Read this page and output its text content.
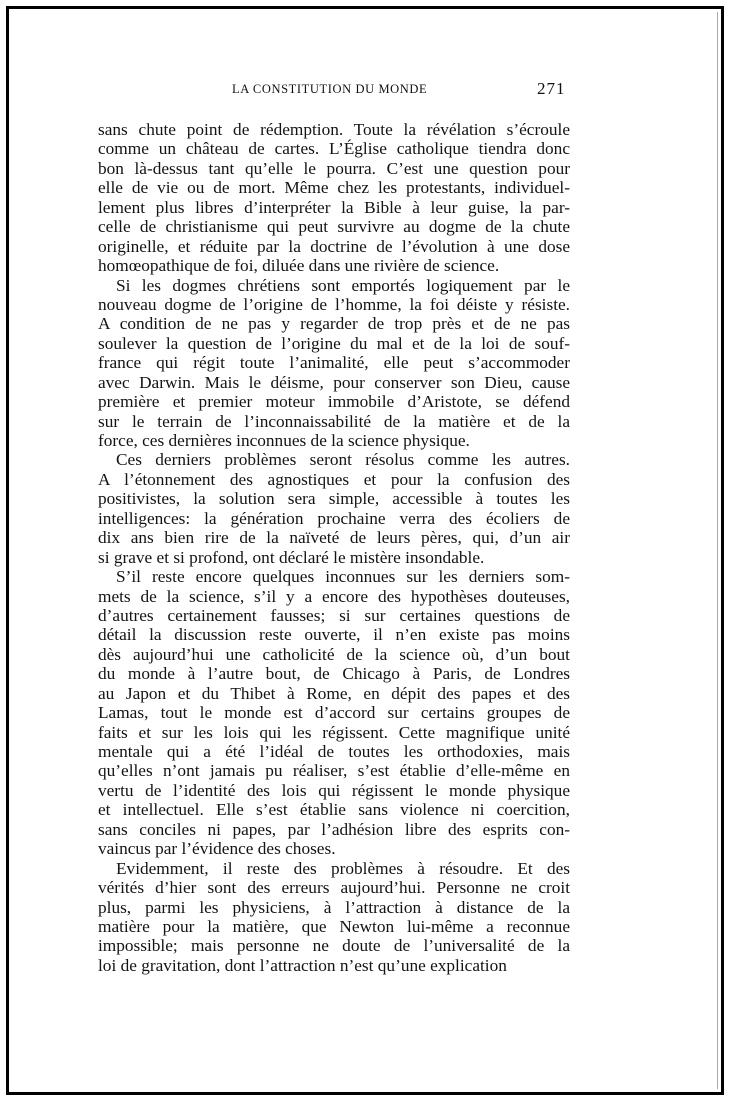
LA CONSTITUTION DU MONDE	271
sans chute point de rédemption. Toute la révélation s’écroule
comme un château de cartes. L’Église catholique tiendra donc
bon là-dessus tant qu’elle le pourra. C’est une question pour
elle de vie ou de mort. Même chez les protestants, individuel-
lement plus libres d’interpréter la Bible à leur guise, la par-
celle de christianisme qui peut survivre au dogme de la chute
originelle, et réduite par la doctrine de l’évolution à une dose
homœopathique de foi, diluée dans une rivière de science.
Si les dogmes chrétiens sont emportés logiquement par le
nouveau dogme de l’origine de l’homme, la foi déiste y résiste.
A condition de ne pas y regarder de trop près et de ne pas
soulever la question de l’origine du mal et de la loi de souf-
france qui régit toute l’animalité, elle peut s’accommoder
avec Darwin. Mais le déisme, pour conserver son Dieu, cause
première et premier moteur immobile d’Aristote, se défend
sur le terrain de l’inconnaissabilité de la matière et de la
force, ces dernières inconnues de la science physique.
Ces derniers problèmes seront résolus comme les autres.
A l’étonnement des agnostiques et pour la confusion des
positivistes, la solution sera simple, accessible à toutes les
intelligences: la génération prochaine verra des écoliers de
dix ans bien rire de la naïveté de leurs pères, qui, d’un air
si grave et si profond, ont déclaré le mistère insondable.
S’il reste encore quelques inconnues sur les derniers som-
mets de la science, s’il y a encore des hypothèses douteuses,
d’autres certainement fausses; si sur certaines questions de
détail la discussion reste ouverte, il n’en existe pas moins
dès aujourd’hui une catholicité de la science où, d’un bout
du monde à l’autre bout, de Chicago à Paris, de Londres
au Japon et du Thibet à Rome, en dépit des papes et des
Lamas, tout le monde est d’accord sur certains groupes de
faits et sur les lois qui les régissent. Cette magnifique unité
mentale qui a été l’idéal de toutes les orthodoxies, mais
qu’elles n’ont jamais pu réaliser, s’est établie d’elle-même en
vertu de l’identité des lois qui régissent le monde physique
et intellectuel. Elle s’est établie sans violence ni coercition,
sans conciles ni papes, par l’adhésion libre des esprits con-
vaincus par l’évidence des choses.
Evidemment, il reste des problèmes à résoudre. Et des
vérités d’hier sont des erreurs aujourd’hui. Personne ne croit
plus, parmi les physiciens, à l’attraction à distance de la
matière pour la matière, que Newton lui-même a reconnue
impossible; mais personne ne doute de l’universalité de la
loi de gravitation, dont l’attraction n’est qu’une explication
